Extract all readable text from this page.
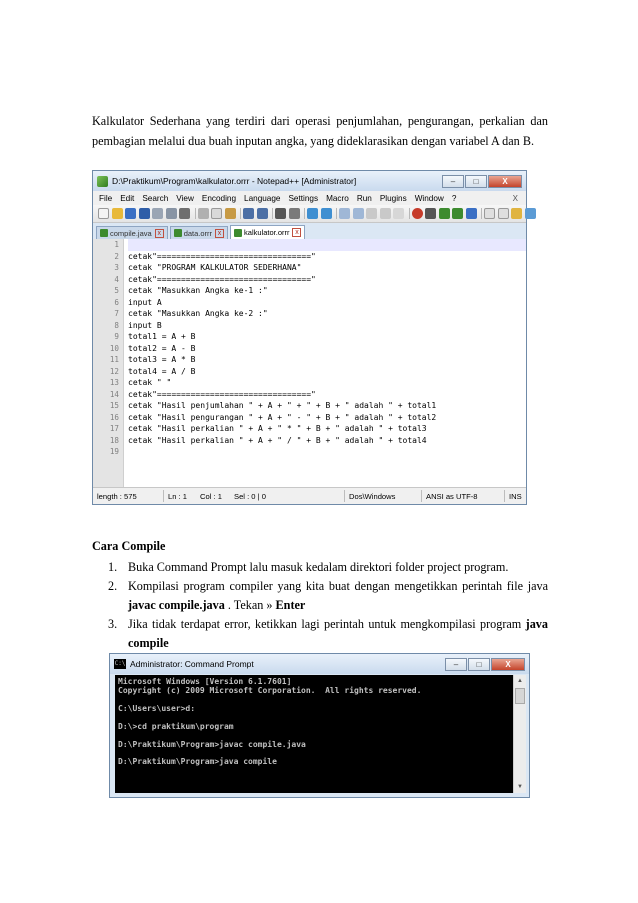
Kalkulator Sederhana yang terdiri dari operasi penjumlahan, pengurangan, perkalian dan pembagian melalui dua buah inputan angka, yang dideklarasikan dengan variabel A dan B.

D:\Praktikum\Program\kalkulator.orrr - Notepad++ [Administrator]	–	□	X
File Edit Search View Encoding Language Settings Macro Run Plugins Window ?	X
compile.java x	data.orrr x	kalkulator.orrr x
1
2
3
4
5
6
7
8
9
10
11
12
13
14
15
16
17
18
19
cetak"================================"
cetak "PROGRAM KALKULATOR SEDERHANA"
cetak"================================"
cetak "Masukkan Angka ke-1 :"
input A
cetak "Masukkan Angka ke-2 :"
input B
total1 = A + B
total2 = A - B
total3 = A * B
total4 = A / B
cetak " "
cetak"================================"
cetak "Hasil penjumlahan " + A + " + " + B + " adalah " + total1
cetak "Hasil pengurangan " + A + " - " + B + " adalah " + total2
cetak "Hasil perkalian " + A + " * " + B + " adalah " + total3
cetak "Hasil perkalian " + A + " / " + B + " adalah " + total4
length : 575	Ln : 1	Col : 1	Sel : 0 | 0	Dos\Windows	ANSI as UTF-8	INS
Cara Compile
1. Buka Command Prompt lalu masuk kedalam direktori folder project program.
2. Kompilasi program compiler yang kita buat dengan mengetikkan perintah file java javac compile.java . Tekan » Enter
3. Jika tidak terdapat error, ketikkan lagi perintah untuk mengkompilasi program java compile
C:\ Administrator: Command Prompt	–	□	X
Microsoft Windows [Version 6.1.7601]
Copyright (c) 2009 Microsoft Corporation.  All rights reserved.
C:\Users\user>d:
D:\>cd praktikum\program
D:\Praktikum\Program>javac compile.java
D:\Praktikum\Program>java compile
▲
▼
